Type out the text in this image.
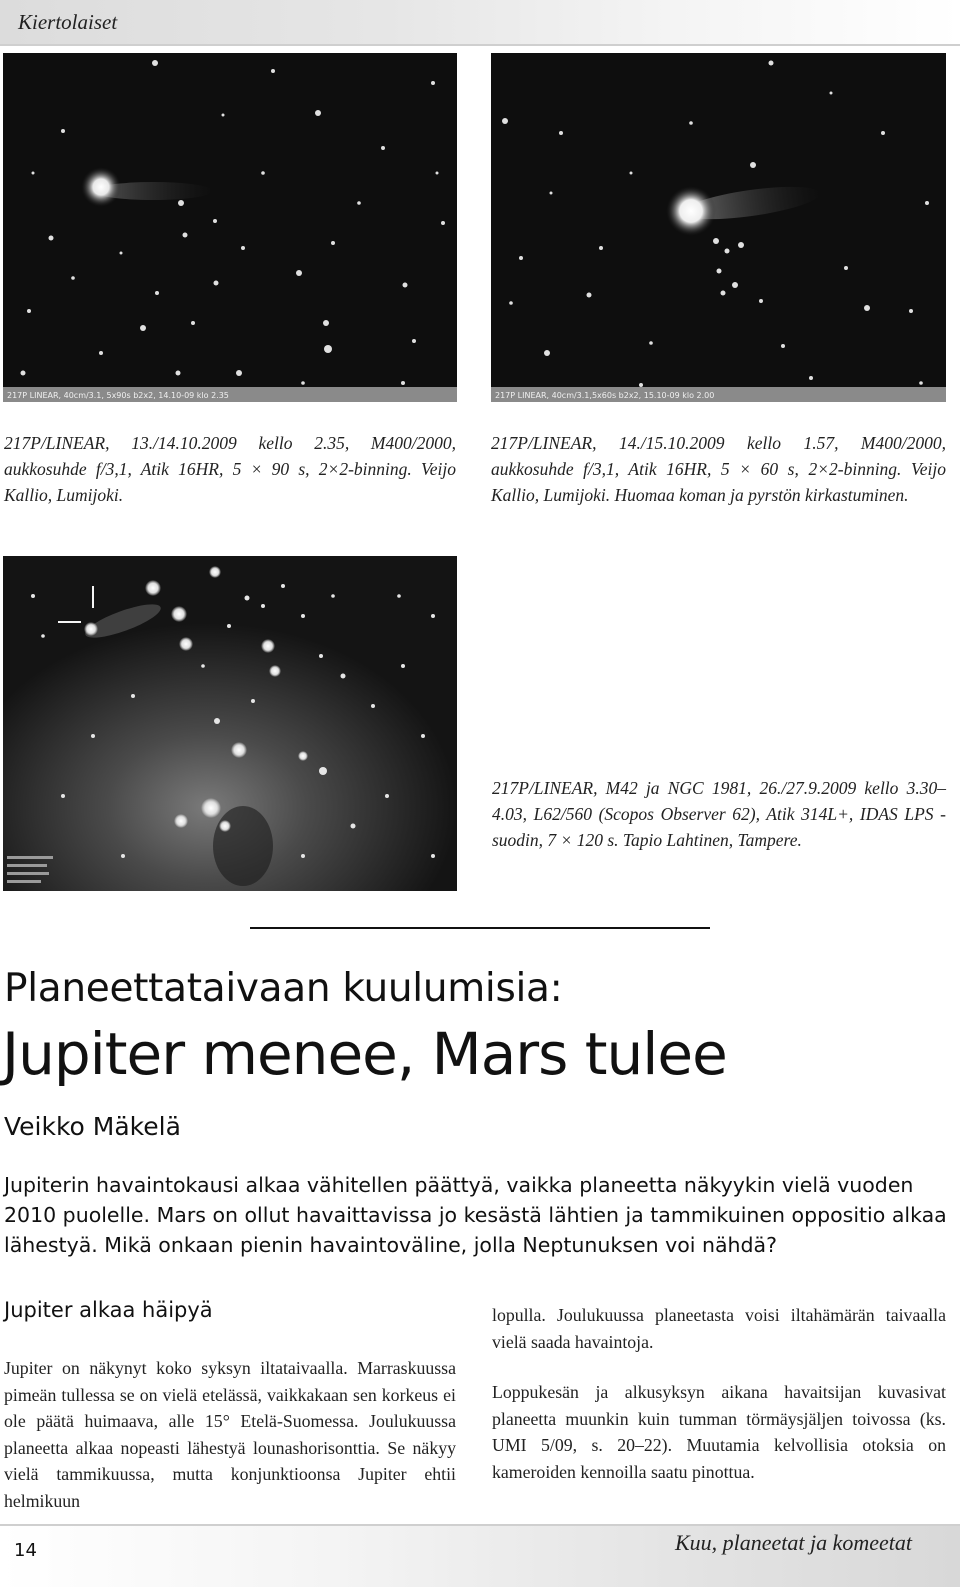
Kiertolaiset
217P LINEAR, 40cm/3.1, 5x90s b2x2, 14.10-09 klo 2.35	217P LINEAR, 40cm/3.1,5x60s b2x2, 15.10-09 klo 2.00
217P/LINEAR, 13./14.10.2009 kello 2.35, M400/2000, aukkosuhde f/3,1, Atik 16HR, 5 × 90 s, 2×2-binning. Veijo Kallio, Lumijoki.
217P/LINEAR, 14./15.10.2009 kello 1.57, M400/2000, aukkosuhde f/3,1, Atik 16HR, 5 × 60 s, 2×2-binning. Veijo Kallio, Lumijoki. Huomaa koman ja pyrstön kirkastuminen.
217P/LINEAR, M42 ja NGC 1981, 26./27.9.2009 kello 3.30–4.03, L62/560 (Scopos Observer 62), Atik 314L+, IDAS LPS -suodin, 7 × 120 s. Tapio Lahtinen, Tampere.
Planeettataivaan kuulumisia:
Jupiter menee, Mars tulee
Veikko Mäkelä
Jupiterin havaintokausi alkaa vähitellen päättyä, vaikka planeetta näkyykin vielä vuoden 2010 puolelle. Mars on ollut havaittavissa jo kesästä lähtien ja tammikuinen oppositio alkaa lähestyä. Mikä onkaan pienin havaintoväline, jolla Neptunuksen voi nähdä?
Jupiter alkaa häipyä

Jupiter on näkynyt koko syksyn iltataivaalla. Marraskuussa pimeän tullessa se on vielä etelässä, vaikkakaan sen korkeus ei ole päätä huimaava, alle 15° Etelä-Suomessa. Joulukuussa planeetta alkaa nopeasti lähestyä lounashorisonttia. Se näkyy vielä tammikuussa, mutta konjunktioonsa Jupiter ehtii helmikuun

lopulla. Joulukuussa planeetasta voisi iltahämärän taivaalla vielä saada havaintoja.

Loppukesän ja alkusyksyn aikana havaitsijan kuvasivat planeetta muunkin kuin tumman törmäysjäljen toivossa (ks. UMI 5/09, s. 20–22). Muutamia kelvollisia otoksia on kameroiden kennoilla saatu pinottua.

14	Kuu, planeetat ja komeetat
